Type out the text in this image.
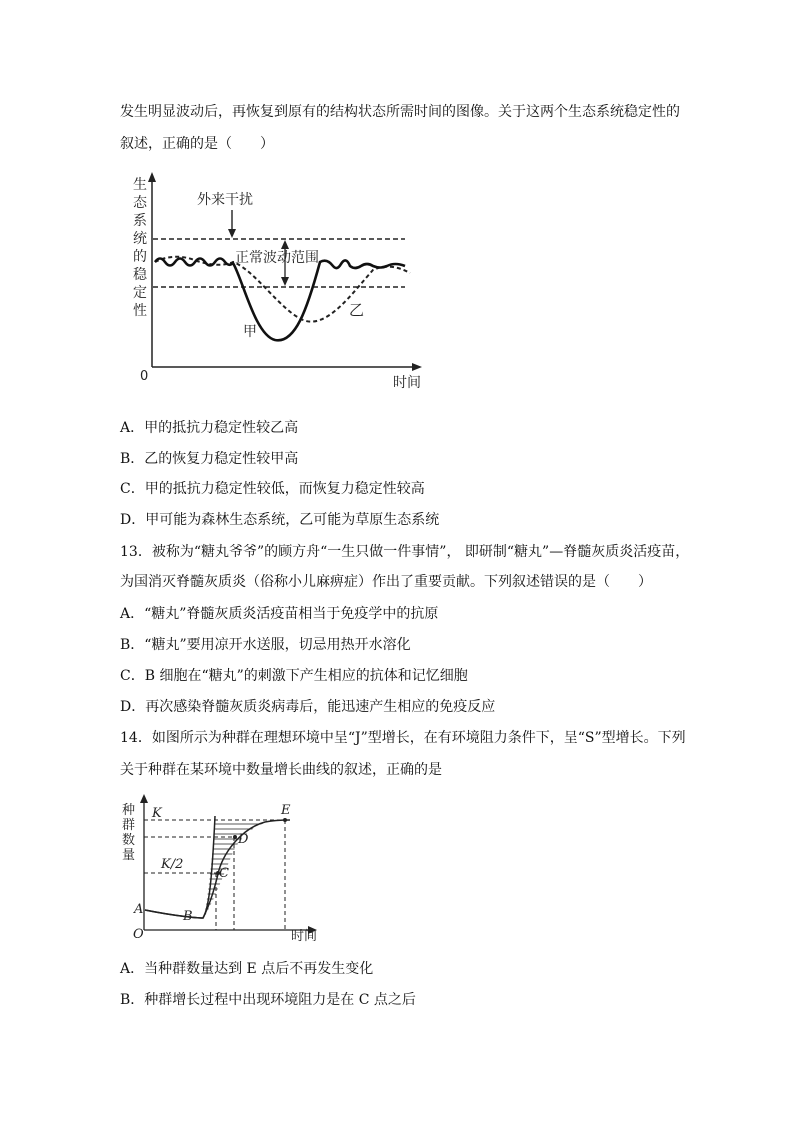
发生明显波动后，再恢复到原有的结构状态所需时间的图像。关于这两个生态系统稳定性的
叙述，正确的是（　　）
生
态
系
统
的
稳
定
性
0	时间
外来干扰
正常波动范围
甲
乙
A．甲的抵抗力稳定性较乙高
B．乙的恢复力稳定性较甲高
C．甲的抵抗力稳定性较低，而恢复力稳定性较高
D．甲可能为森林生态系统，乙可能为草原生态系统
13．被称为“糖丸爷爷”的顾方舟“一生只做一件事情”， 即研制“糖丸”—脊髓灰质炎活疫苗，
为国消灭脊髓灰质炎（俗称小儿麻痹症）作出了重要贡献。下列叙述错误的是（　　）
A．“糖丸”脊髓灰质炎活疫苗相当于免疫学中的抗原
B．“糖丸”要用凉开水送服，切忌用热开水溶化
C．B 细胞在“糖丸”的刺激下产生相应的抗体和记忆细胞
D．再次感染脊髓灰质炎病毒后，能迅速产生相应的免疫反应
14．如图所示为种群在理想环境中呈“J”型增长，在有环境阻力条件下，呈“S”型增长。下列
关于种群在某环境中数量增长曲线的叙述，正确的是
种
群
数
量
O	时间
K
K/2
A	B
C
D
E
A．当种群数量达到 E 点后不再发生变化
B．种群增长过程中出现环境阻力是在 C 点之后
